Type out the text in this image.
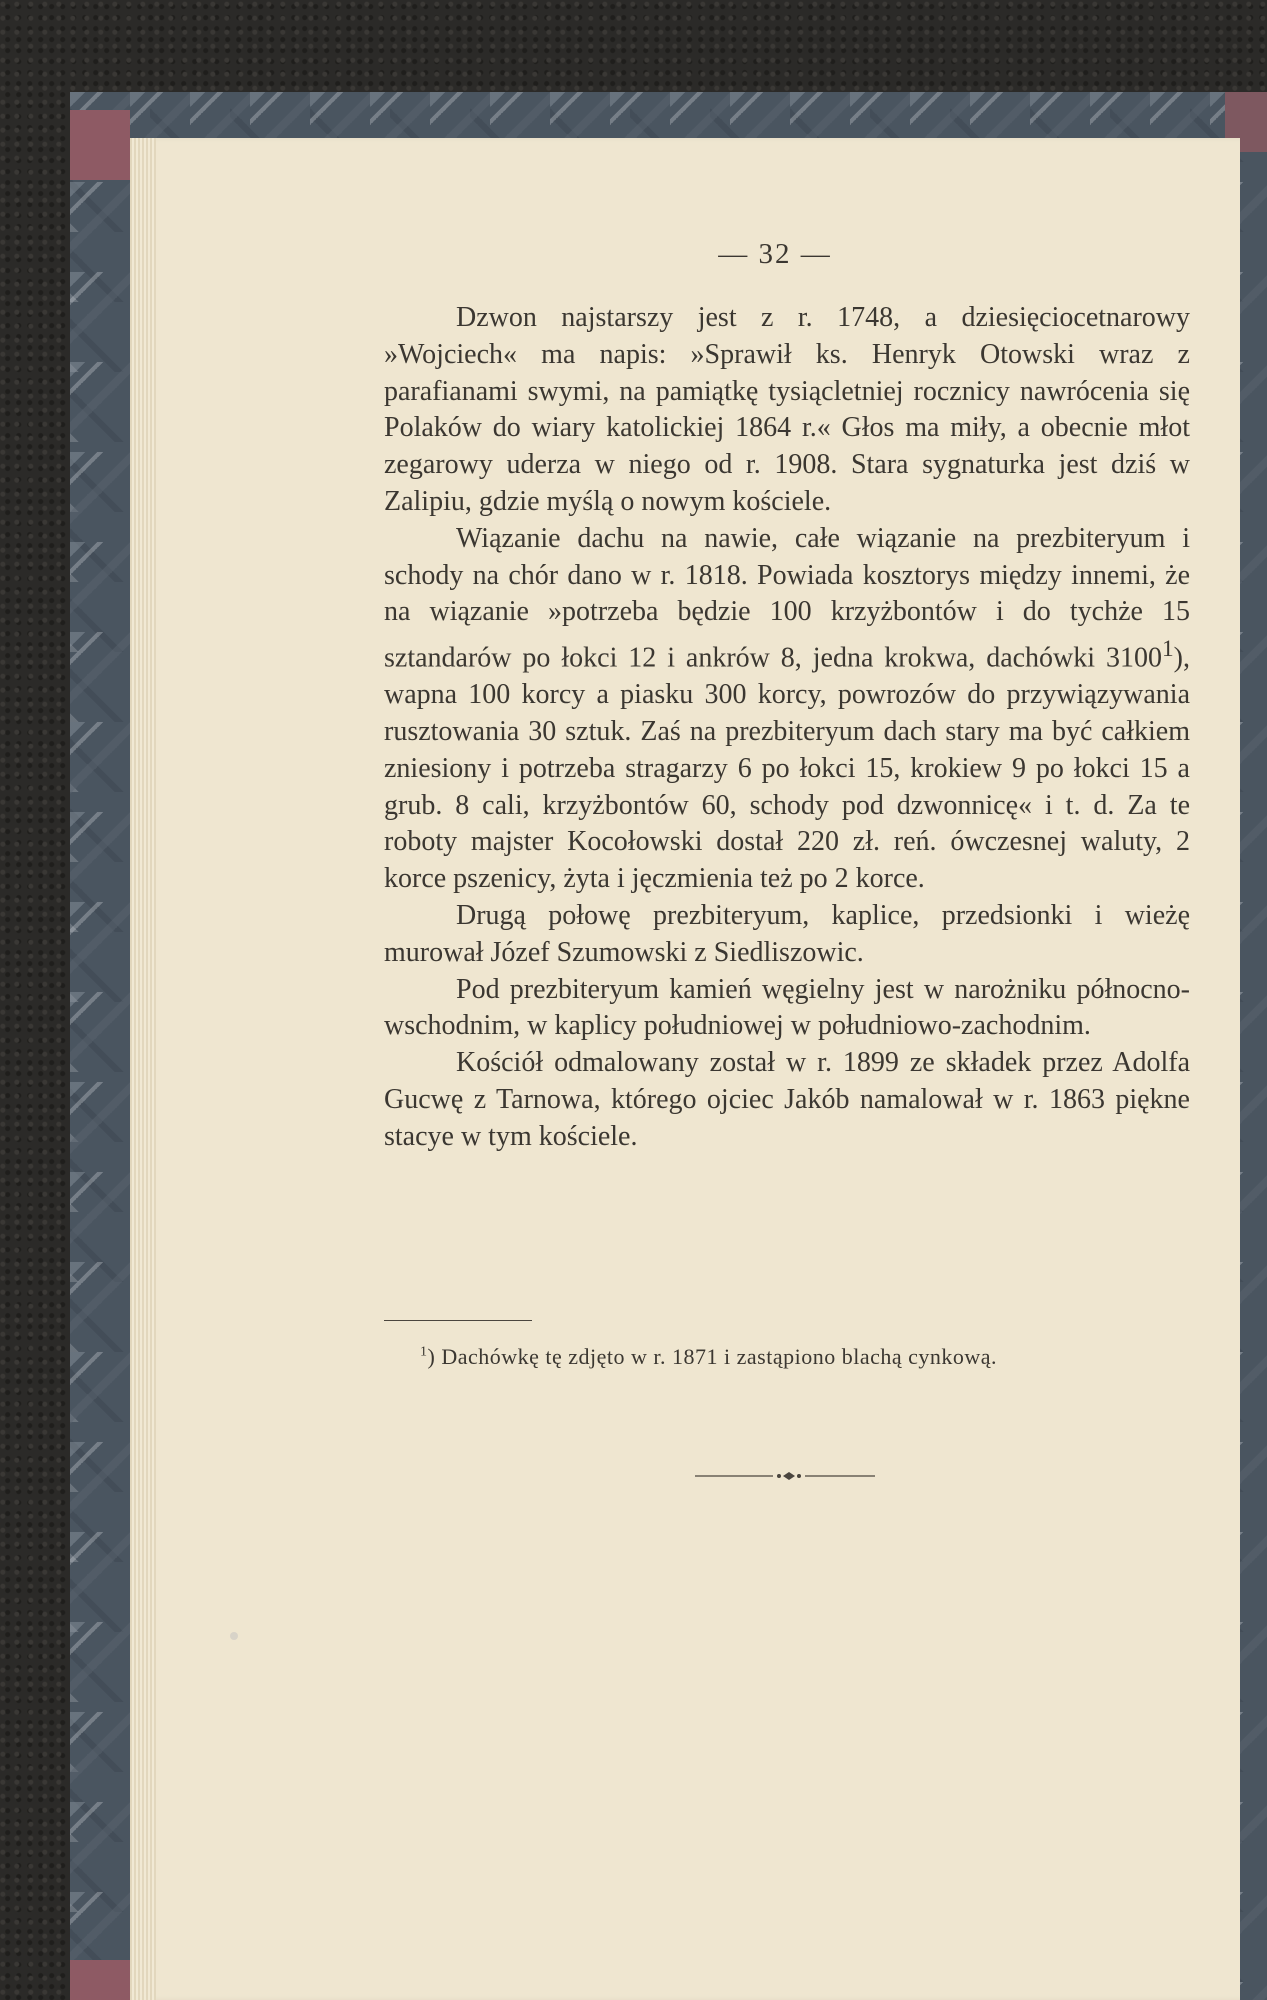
— 32 —

Dzwon najstarszy jest z r. 1748, a dziesięciocetnarowy »Wojciech« ma napis: »Sprawił ks. Henryk Otowski wraz z parafianami swymi, na pamiątkę tysiącletniej rocznicy nawrócenia się Polaków do wiary katolickiej 1864 r.« Głos ma miły, a obecnie młot zegarowy uderza w niego od r. 1908. Stara sygnaturka jest dziś w Zalipiu, gdzie myślą o nowym kościele.

Wiązanie dachu na nawie, całe wiązanie na prezbiteryum i schody na chór dano w r. 1818. Powiada kosztorys między innemi, że na wiązanie »potrzeba będzie 100 krzyżbontów i do tychże 15 sztandarów po łokci 12 i ankrów 8, jedna krokwa, dachówki 3100$^1$), wapna 100 korcy a piasku 300 korcy, powrozów do przywiązywania rusztowania 30 sztuk. Zaś na prezbiteryum dach stary ma być całkiem zniesiony i potrzeba stragarzy 6 po łokci 15, krokiew 9 po łokci 15 a grub. 8 cali, krzyżbontów 60, schody pod dzwonnicę« i t. d. Za te roboty majster Kocołowski dostał 220 zł. reń. ówczesnej waluty, 2 korce pszenicy, żyta i jęczmienia też po 2 korce.

Drugą połowę prezbiteryum, kaplice, przedsionki i wieżę murował Józef Szumowski z Siedliszowic.

Pod prezbiteryum kamień węgielny jest w narożniku północno-wschodnim, w kaplicy południowej w południowo-zachodnim.

Kościół odmalowany został w r. 1899 ze składek przez Adolfa Gucwę z Tarnowa, którego ojciec Jakób namalował w r. 1863 piękne stacye w tym kościele.

$^1$) Dachówkę tę zdjęto w r. 1871 i zastąpiono blachą cynkową.
